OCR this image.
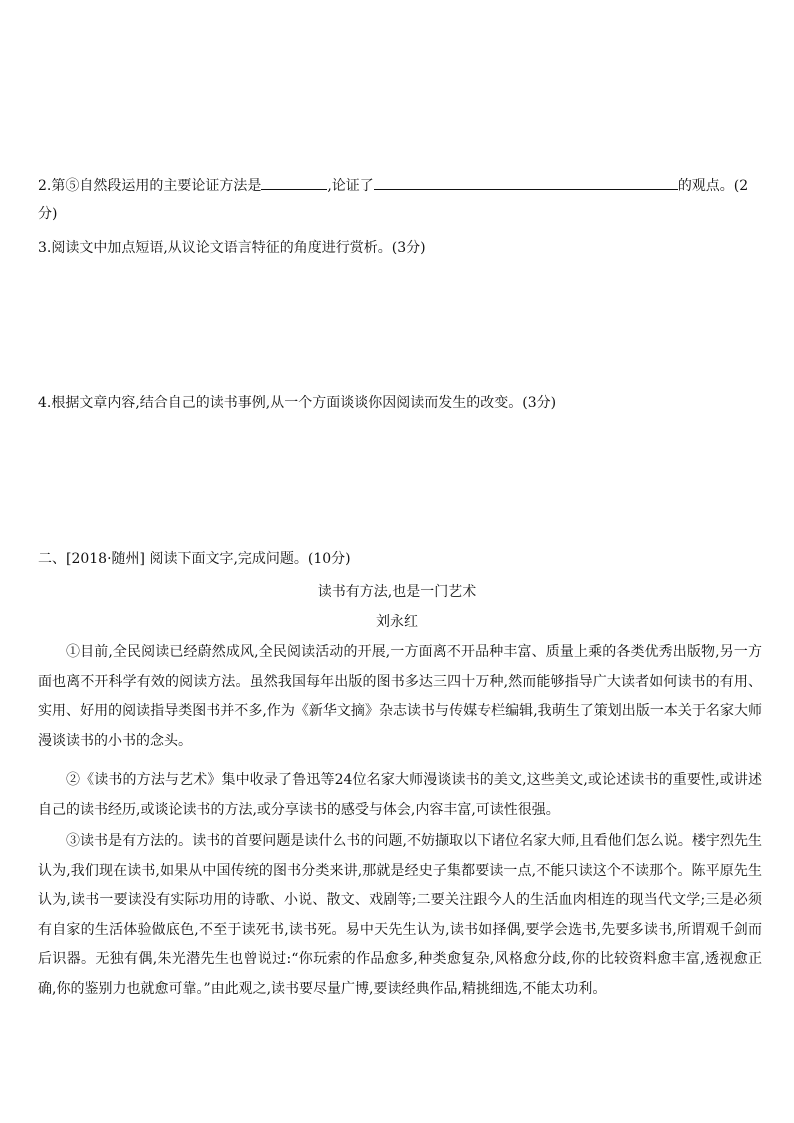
2.第⑤自然段运用的主要论证方法是	,论证了	的观点。(2分)

3.阅读文中加点短语,从议论文语言特征的角度进行赏析。(3分)

4.根据文章内容,结合自己的读书事例,从一个方面谈谈你因阅读而发生的改变。(3分)

二、[2018·随州] 阅读下面文字,完成问题。(10分)

读书有方法,也是一门艺术

刘永红

①目前,全民阅读已经蔚然成风,全民阅读活动的开展,一方面离不开品种丰富、质量上乘的各类优秀出版物,另一方面也离不开科学有效的阅读方法。虽然我国每年出版的图书多达三四十万种,然而能够指导广大读者如何读书的有用、实用、好用的阅读指导类图书并不多,作为《新华文摘》杂志读书与传媒专栏编辑,我萌生了策划出版一本关于名家大师漫谈读书的小书的念头。

②《读书的方法与艺术》集中收录了鲁迅等24位名家大师漫谈读书的美文,这些美文,或论述读书的重要性,或讲述自己的读书经历,或谈论读书的方法,或分享读书的感受与体会,内容丰富,可读性很强。

③读书是有方法的。读书的首要问题是读什么书的问题,不妨撷取以下诸位名家大师,且看他们怎么说。楼宇烈先生认为,我们现在读书,如果从中国传统的图书分类来讲,那就是经史子集都要读一点,不能只读这个不读那个。陈平原先生认为,读书一要读没有实际功用的诗歌、小说、散文、戏剧等;二要关注跟今人的生活血肉相连的现当代文学;三是必须有自家的生活体验做底色,不至于读死书,读书死。易中天先生认为,读书如择偶,要学会选书,先要多读书,所谓观千剑而后识器。无独有偶,朱光潜先生也曾说过:“你玩索的作品愈多,种类愈复杂,风格愈分歧,你的比较资料愈丰富,透视愈正确,你的鉴别力也就愈可靠。”由此观之,读书要尽量广博,要读经典作品,精挑细选,不能太功利。
